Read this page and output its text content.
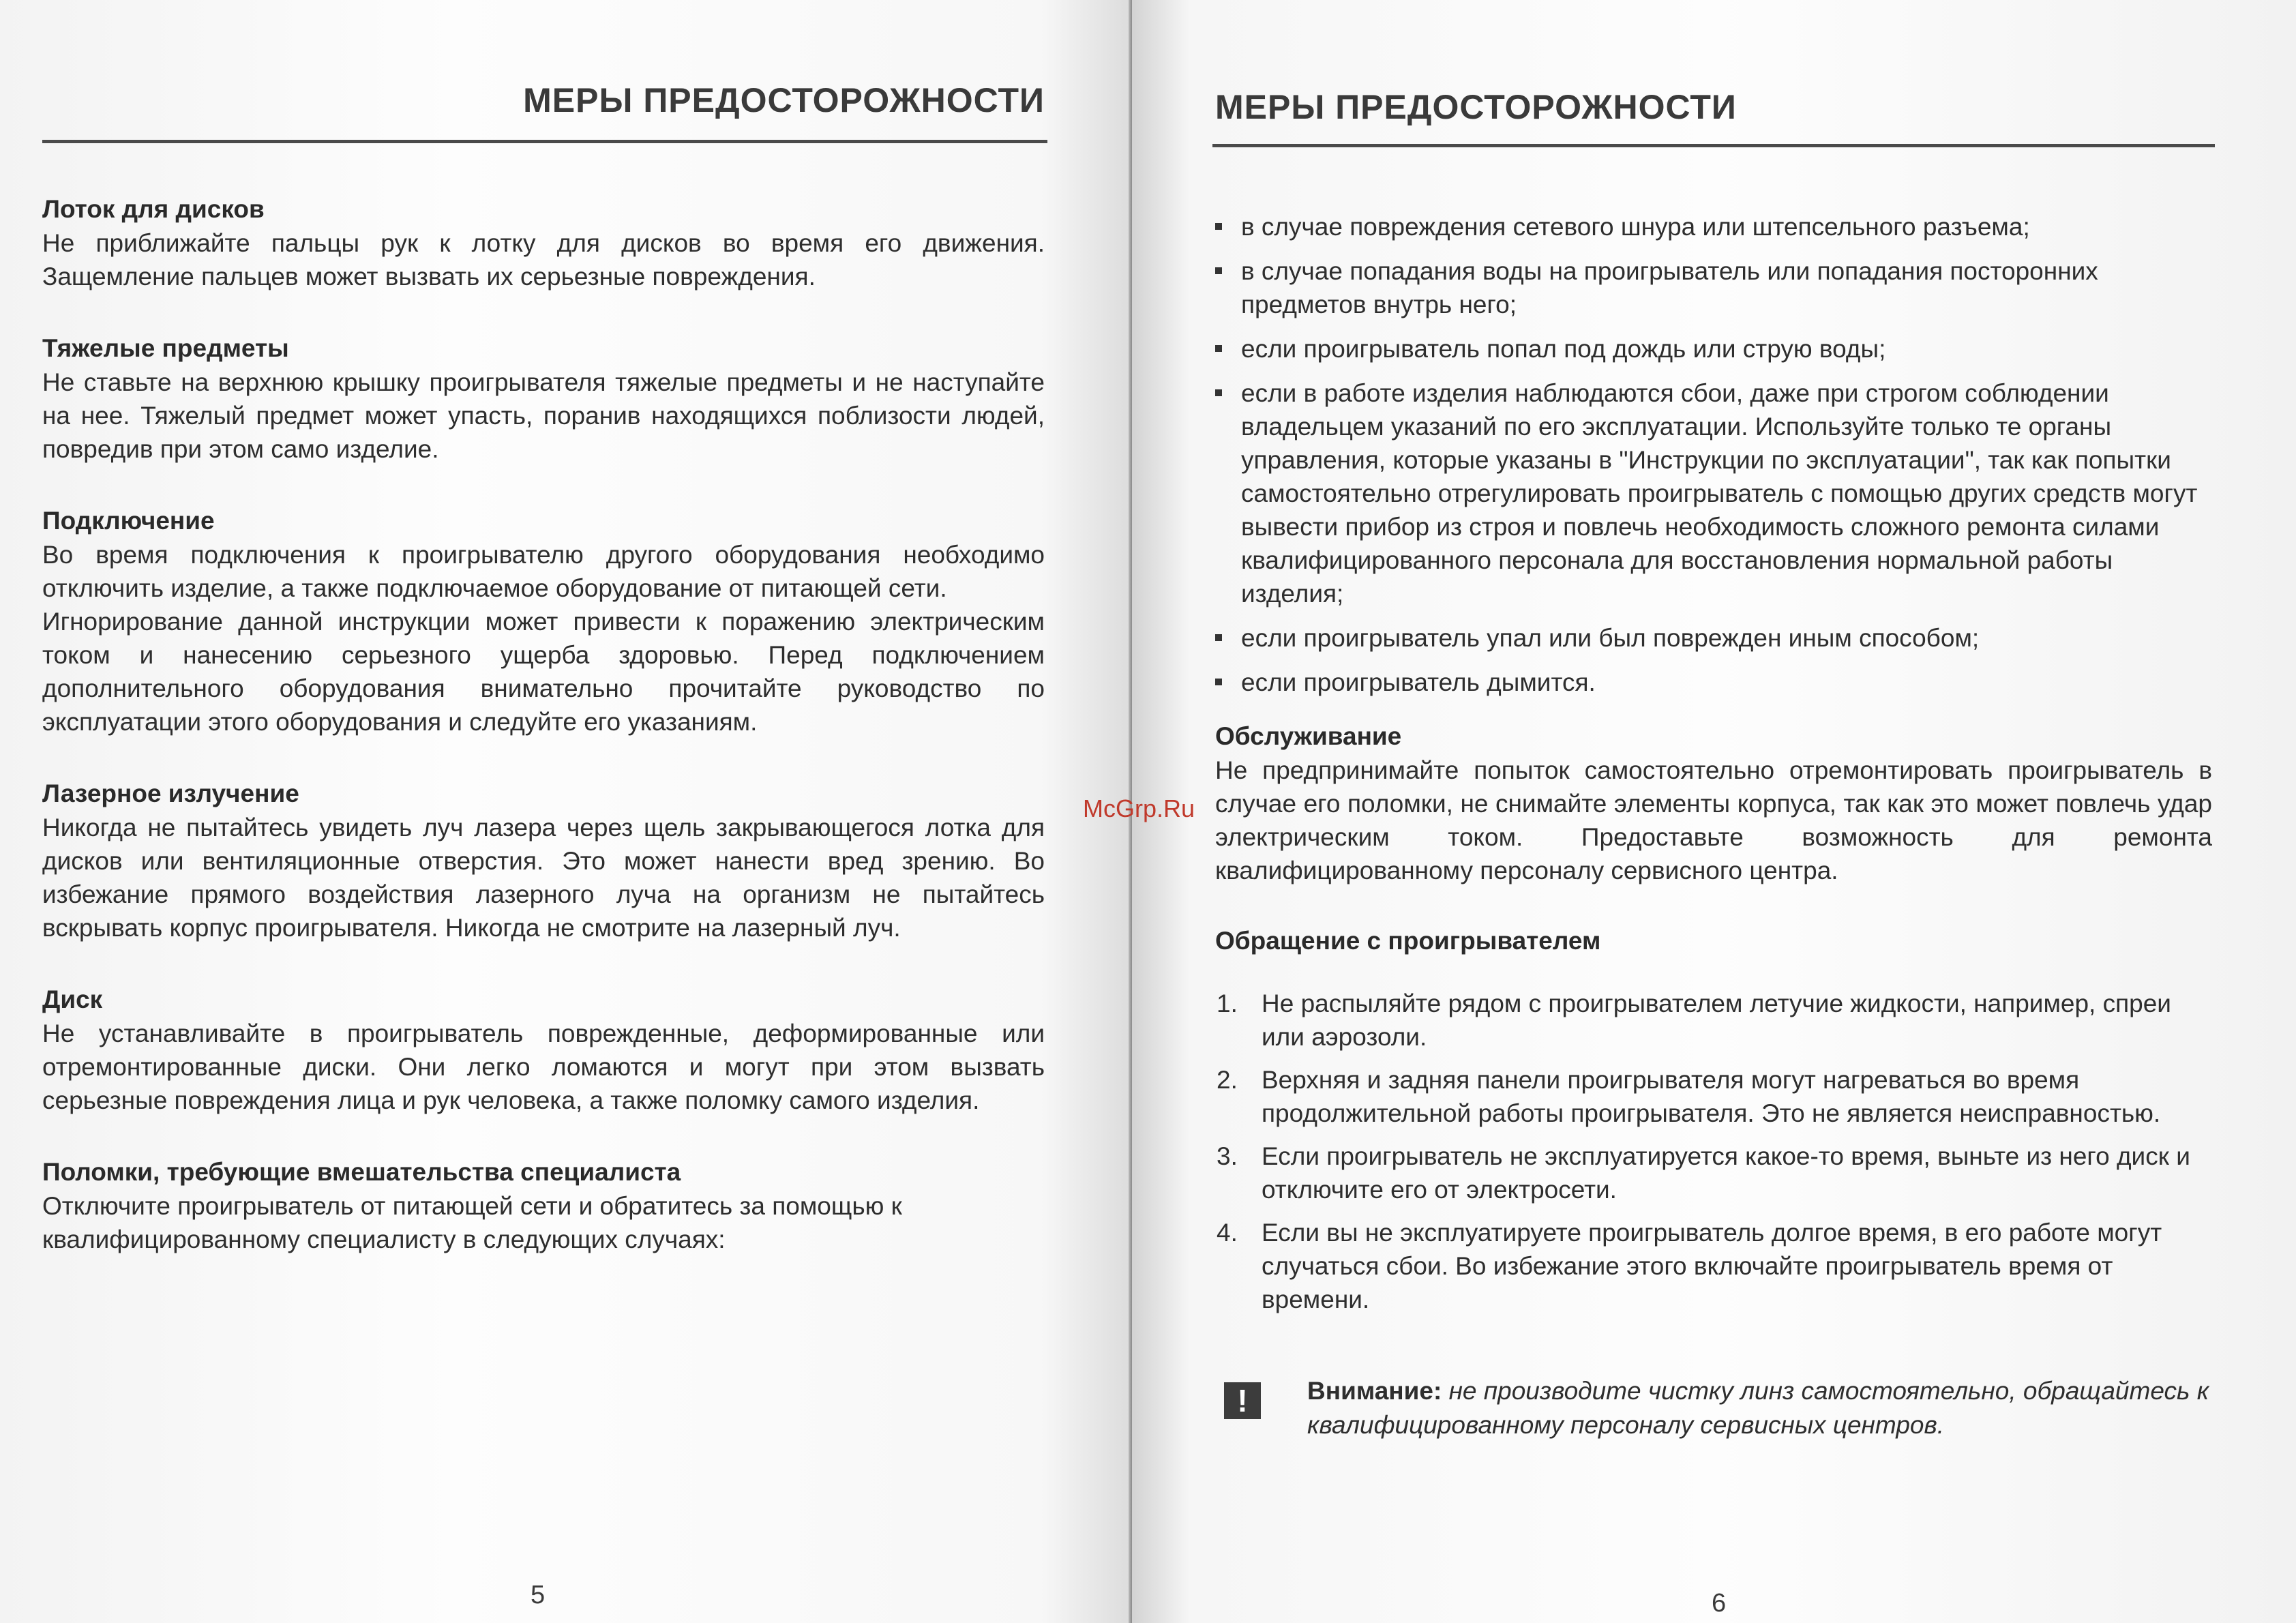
МЕРЫ ПРЕДОСТОРОЖНОСТИ
Лоток для дисков

Не приближайте пальцы рук к лотку для дисков во время его движения. Защемление пальцев может вызвать их серьезные повреждения.

Тяжелые предметы

Не ставьте на верхнюю крышку проигрывателя тяжелые предметы и не наступайте на нее. Тяжелый предмет может упасть, поранив находящихся поблизости людей, повредив при этом само изделие.

Подключение

Во время подключения к проигрывателю другого оборудования необходимо отключить изделие, а также подключаемое оборудование от питающей сети.

Игнорирование данной инструкции может привести к поражению электрическим током и нанесению серьезного ущерба здоровью. Перед подключением дополнительного оборудования внимательно прочитайте руководство по эксплуатации этого оборудования и следуйте его указаниям.

Лазерное излучение

Никогда не пытайтесь увидеть луч лазера через щель закрывающегося лотка для дисков или вентиляционные отверстия. Это может нанести вред зрению. Во избежание прямого воздействия лазерного луча на организм не пытайтесь вскрывать корпус проигрывателя. Никогда не смотрите на лазерный луч.

Диск

Не устанавливайте в проигрыватель поврежденные, деформированные или отремонтированные диски. Они легко ломаются и могут при этом вызвать серьезные повреждения лица и рук человека, а также поломку самого изделия.

Поломки, требующие вмешательства специалиста

Отключите проигрыватель от питающей сети и обратитесь за помощью к квалифицированному специалисту в следующих случаях:

5
МЕРЫ ПРЕДОСТОРОЖНОСТИ
в случае повреждения сетевого шнура или штепсельного разъема;
в случае попадания воды на проигрыватель или попадания посторонних предметов внутрь него;
если проигрыватель попал под дождь или струю воды;
если в работе изделия наблюдаются сбои, даже при строгом соблюдении владельцем указаний по его эксплуатации. Используйте только те органы управления, которые указаны в "Инструкции по эксплуатации", так как попытки самостоятельно отрегулировать проигрыватель с помощью других средств могут вывести прибор из строя и повлечь необходимость сложного ремонта силами квалифицированного персонала для восстановления нормальной работы изделия;
если проигрыватель упал или был поврежден иным способом;
если проигрыватель дымится.
Обслуживание

Не предпринимайте попыток самостоятельно отремонтировать проигрыватель в случае его поломки, не снимайте элементы корпуса, так как это может повлечь удар электрическим током. Предоставьте возможность для ремонта квалифицированному персоналу сервисного центра.

Обращение с проигрывателем
1. Не распыляйте рядом с проигрывателем летучие жидкости, например, спреи или аэрозоли.
2. Верхняя и задняя панели проигрывателя могут нагреваться во время продолжительной работы проигрывателя. Это не является неисправностью.
3. Если проигрыватель не эксплуатируется какое-то время, выньте из него диск и отключите его от электросети.
4. Если вы не эксплуатируете проигрыватель долгое время, в его работе могут случаться сбои. Во избежание этого включайте проигрыватель время от времени.
!	Внимание: не производите чистку линз самостоятельно, обращайтесь к квалифицированному персоналу сервисных центров.
6
McGrp.Ru
